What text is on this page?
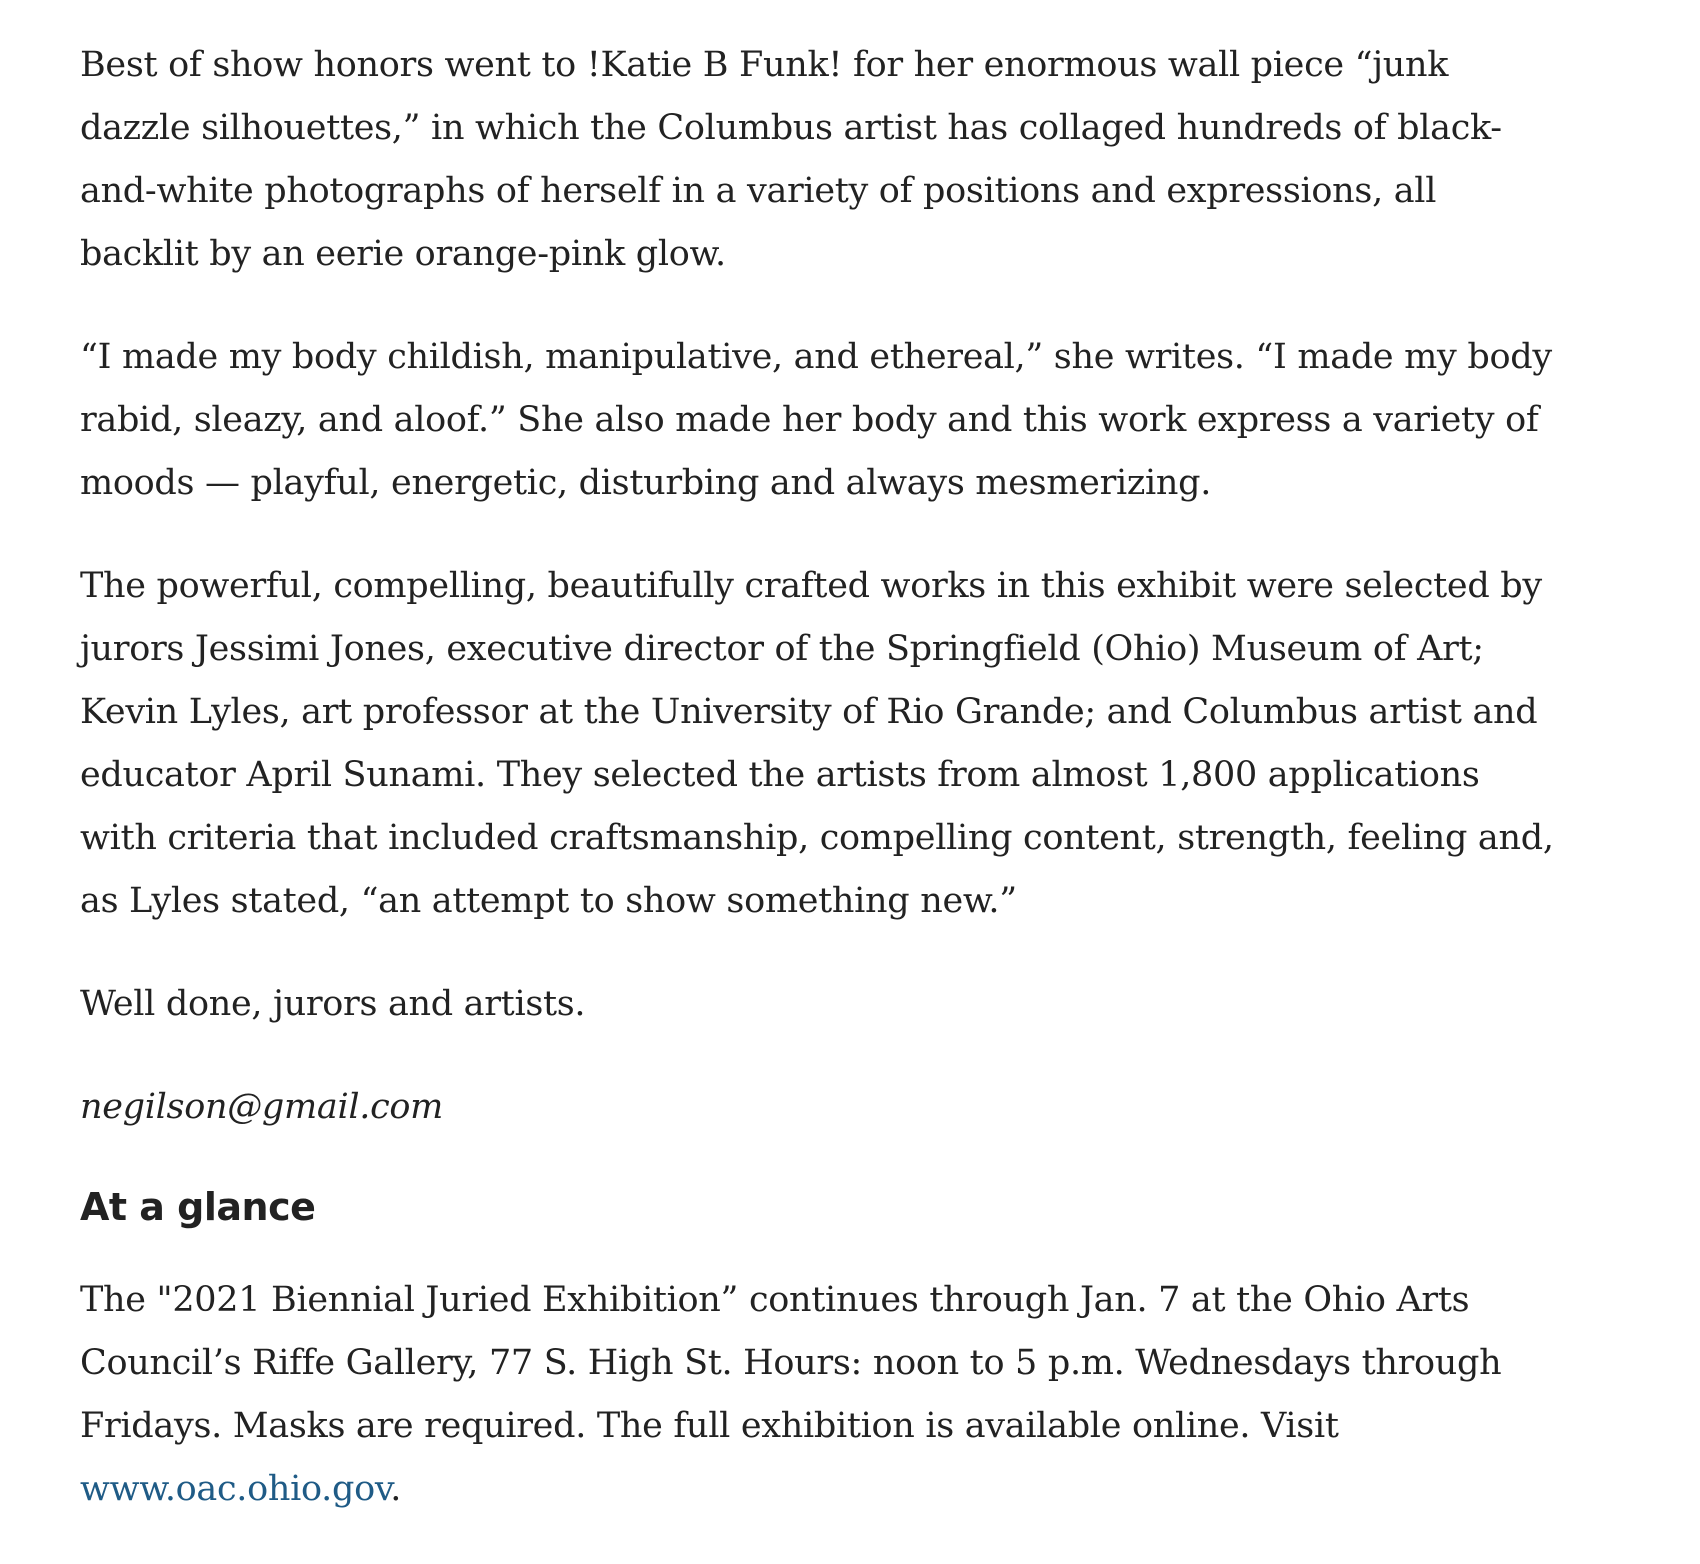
Best of show honors went to !Katie B Funk! for her enormous wall piece “junk
dazzle silhouettes,” in which the Columbus artist has collaged hundreds of black-
and-white photographs of herself in a variety of positions and expressions, all
backlit by an eerie orange-pink glow.

“I made my body childish, manipulative, and ethereal,” she writes. “I made my body
rabid, sleazy, and aloof.” She also made her body and this work express a variety of
moods — playful, energetic, disturbing and always mesmerizing.

The powerful, compelling, beautifully crafted works in this exhibit were selected by
jurors Jessimi Jones, executive director of the Springfield (Ohio) Museum of Art;
Kevin Lyles, art professor at the University of Rio Grande; and Columbus artist and
educator April Sunami. They selected the artists from almost 1,800 applications
with criteria that included craftsmanship, compelling content, strength, feeling and,
as Lyles stated, “an attempt to show something new.”

Well done, jurors and artists.

negilson@gmail.com

At a glance

The "2021 Biennial Juried Exhibition” continues through Jan. 7 at the Ohio Arts
Council’s Riffe Gallery, 77 S. High St. Hours: noon to 5 p.m. Wednesdays through
Fridays. Masks are required. The full exhibition is available online. Visit
www.oac.ohio.gov.
